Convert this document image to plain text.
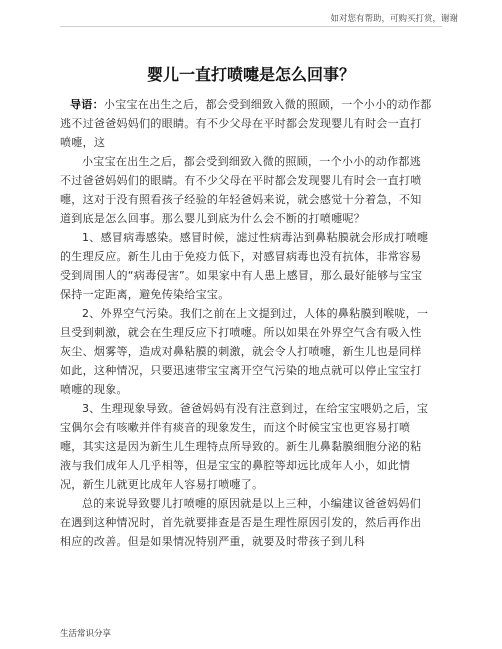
如对您有帮助，可购买打赏，谢谢
婴儿一直打喷嚏是怎么回事？

导语：小宝宝在出生之后，都会受到细致入微的照顾，一个小小的动作都逃不过爸爸妈妈们的眼睛。有不少父母在平时都会发现婴儿有时会一直打喷嚏，这

小宝宝在出生之后，都会受到细致入微的照顾，一个小小的动作都逃不过爸爸妈妈们的眼睛。有不少父母在平时都会发现婴儿有时会一直打喷嚏，这对于没有照看孩子经验的年轻爸妈来说，就会感觉十分着急，不知道到底是怎么回事。那么婴儿到底为什么会不断的打喷嚏呢？

1、感冒病毒感染。感冒时候，滤过性病毒沾到鼻粘膜就会形成打喷嚏的生理反应。新生儿由于免疫力低下，对感冒病毒也没有抗体，非常容易受到周围人的“病毒侵害”。如果家中有人患上感冒，那么最好能够与宝宝保持一定距离，避免传染给宝宝。

2、外界空气污染。我们之前在上文提到过，人体的鼻粘膜到喉咙，一旦受到刺激，就会在生理反应下打喷嚏。所以如果在外界空气含有吸入性灰尘、烟雾等，造成对鼻粘膜的刺激，就会令人打喷嚏，新生儿也是同样如此，这种情况，只要迅速带宝宝离开空气污染的地点就可以停止宝宝打喷嚏的现象。

3、生理现象导致。爸爸妈妈有没有注意到过，在给宝宝喂奶之后，宝宝偶尔会有咳嗽并伴有痰音的现象发生，而这个时候宝宝也更容易打喷嚏，其实这是因为新生儿生理特点所导致的。新生儿鼻黏膜细胞分泌的粘液与我们成年人几乎相等，但是宝宝的鼻腔等却远比成年人小，如此情况，新生儿就更比成年人容易打喷嚏了。

总的来说导致婴儿打喷嚏的原因就是以上三种，小编建议爸爸妈妈们在遇到这种情况时，首先就要排查是否是生理性原因引发的，然后再作出相应的改善。但是如果情况特别严重，就要及时带孩子到儿科

生活常识分享
